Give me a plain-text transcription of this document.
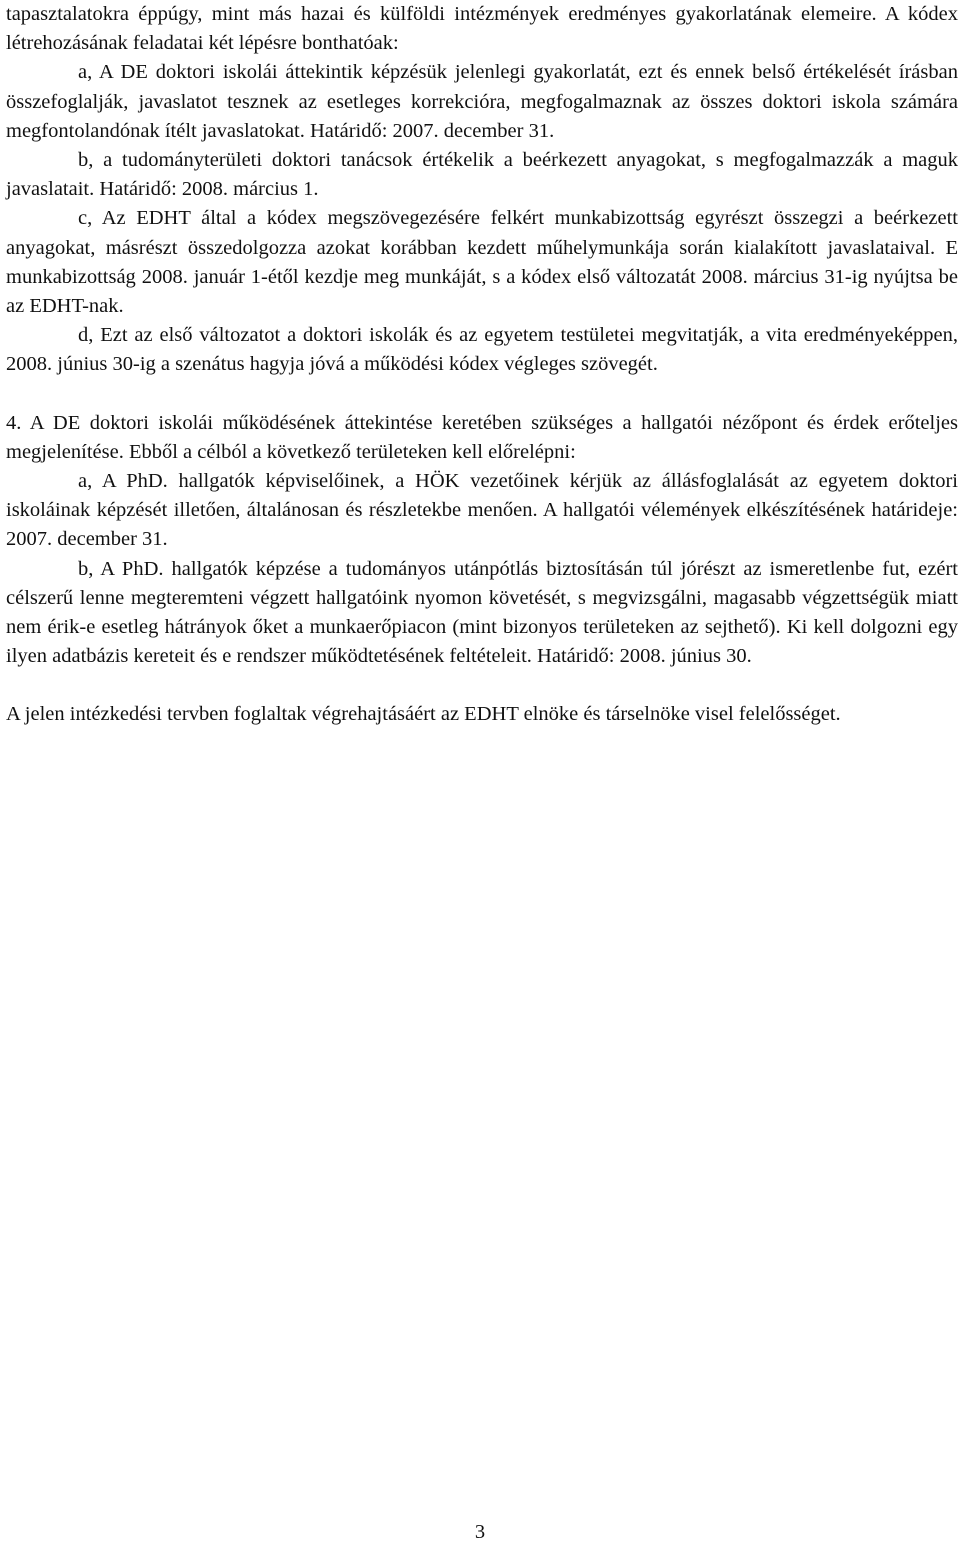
tapasztalatokra éppúgy, mint más hazai és külföldi intézmények eredményes gyakorlatának elemeire. A kódex létrehozásának feladatai két lépésre bonthatóak:

a, A DE doktori iskolái áttekintik képzésük jelenlegi gyakorlatát, ezt és ennek belső értékelését írásban összefoglalják, javaslatot tesznek az esetleges korrekcióra, megfogalmaznak az összes doktori iskola számára megfontolandónak ítélt javaslatokat. Határidő: 2007. december 31.

b, a tudományterületi doktori tanácsok értékelik a beérkezett anyagokat, s megfogalmazzák a maguk javaslatait. Határidő: 2008. március 1.

c, Az EDHT által a kódex megszövegezésére felkért munkabizottság egyrészt összegzi a beérkezett anyagokat, másrészt összedolgozza azokat korábban kezdett műhelymunkája során kialakított javaslataival. E munkabizottság 2008. január 1-étől kezdje meg munkáját, s a kódex első változatát 2008. március 31-ig nyújtsa be az EDHT-nak.

d, Ezt az első változatot a doktori iskolák és az egyetem testületei megvitatják, a vita eredményeképpen, 2008. június 30-ig a szenátus hagyja jóvá a működési kódex végleges szövegét.

4. A DE doktori iskolái működésének áttekintése keretében szükséges a hallgatói nézőpont és érdek erőteljes megjelenítése. Ebből a célból a következő területeken kell előrelépni:

a, A PhD. hallgatók képviselőinek, a HÖK vezetőinek kérjük az állásfoglalását az egyetem doktori iskoláinak képzését illetően, általánosan és részletekbe menően. A hallgatói vélemények elkészítésének határideje: 2007. december 31.

b, A PhD. hallgatók képzése a tudományos utánpótlás biztosításán túl jórészt az ismeretlenbe fut, ezért célszerű lenne megteremteni végzett hallgatóink nyomon követését, s megvizsgálni, magasabb végzettségük miatt nem érik-e esetleg hátrányok őket a munkaerőpiacon (mint bizonyos területeken az sejthető). Ki kell dolgozni egy ilyen adatbázis kereteit és e rendszer működtetésének feltételeit. Határidő: 2008. június 30.

A jelen intézkedési tervben foglaltak végrehajtásáért az EDHT elnöke és társelnöke visel felelősséget.

3
